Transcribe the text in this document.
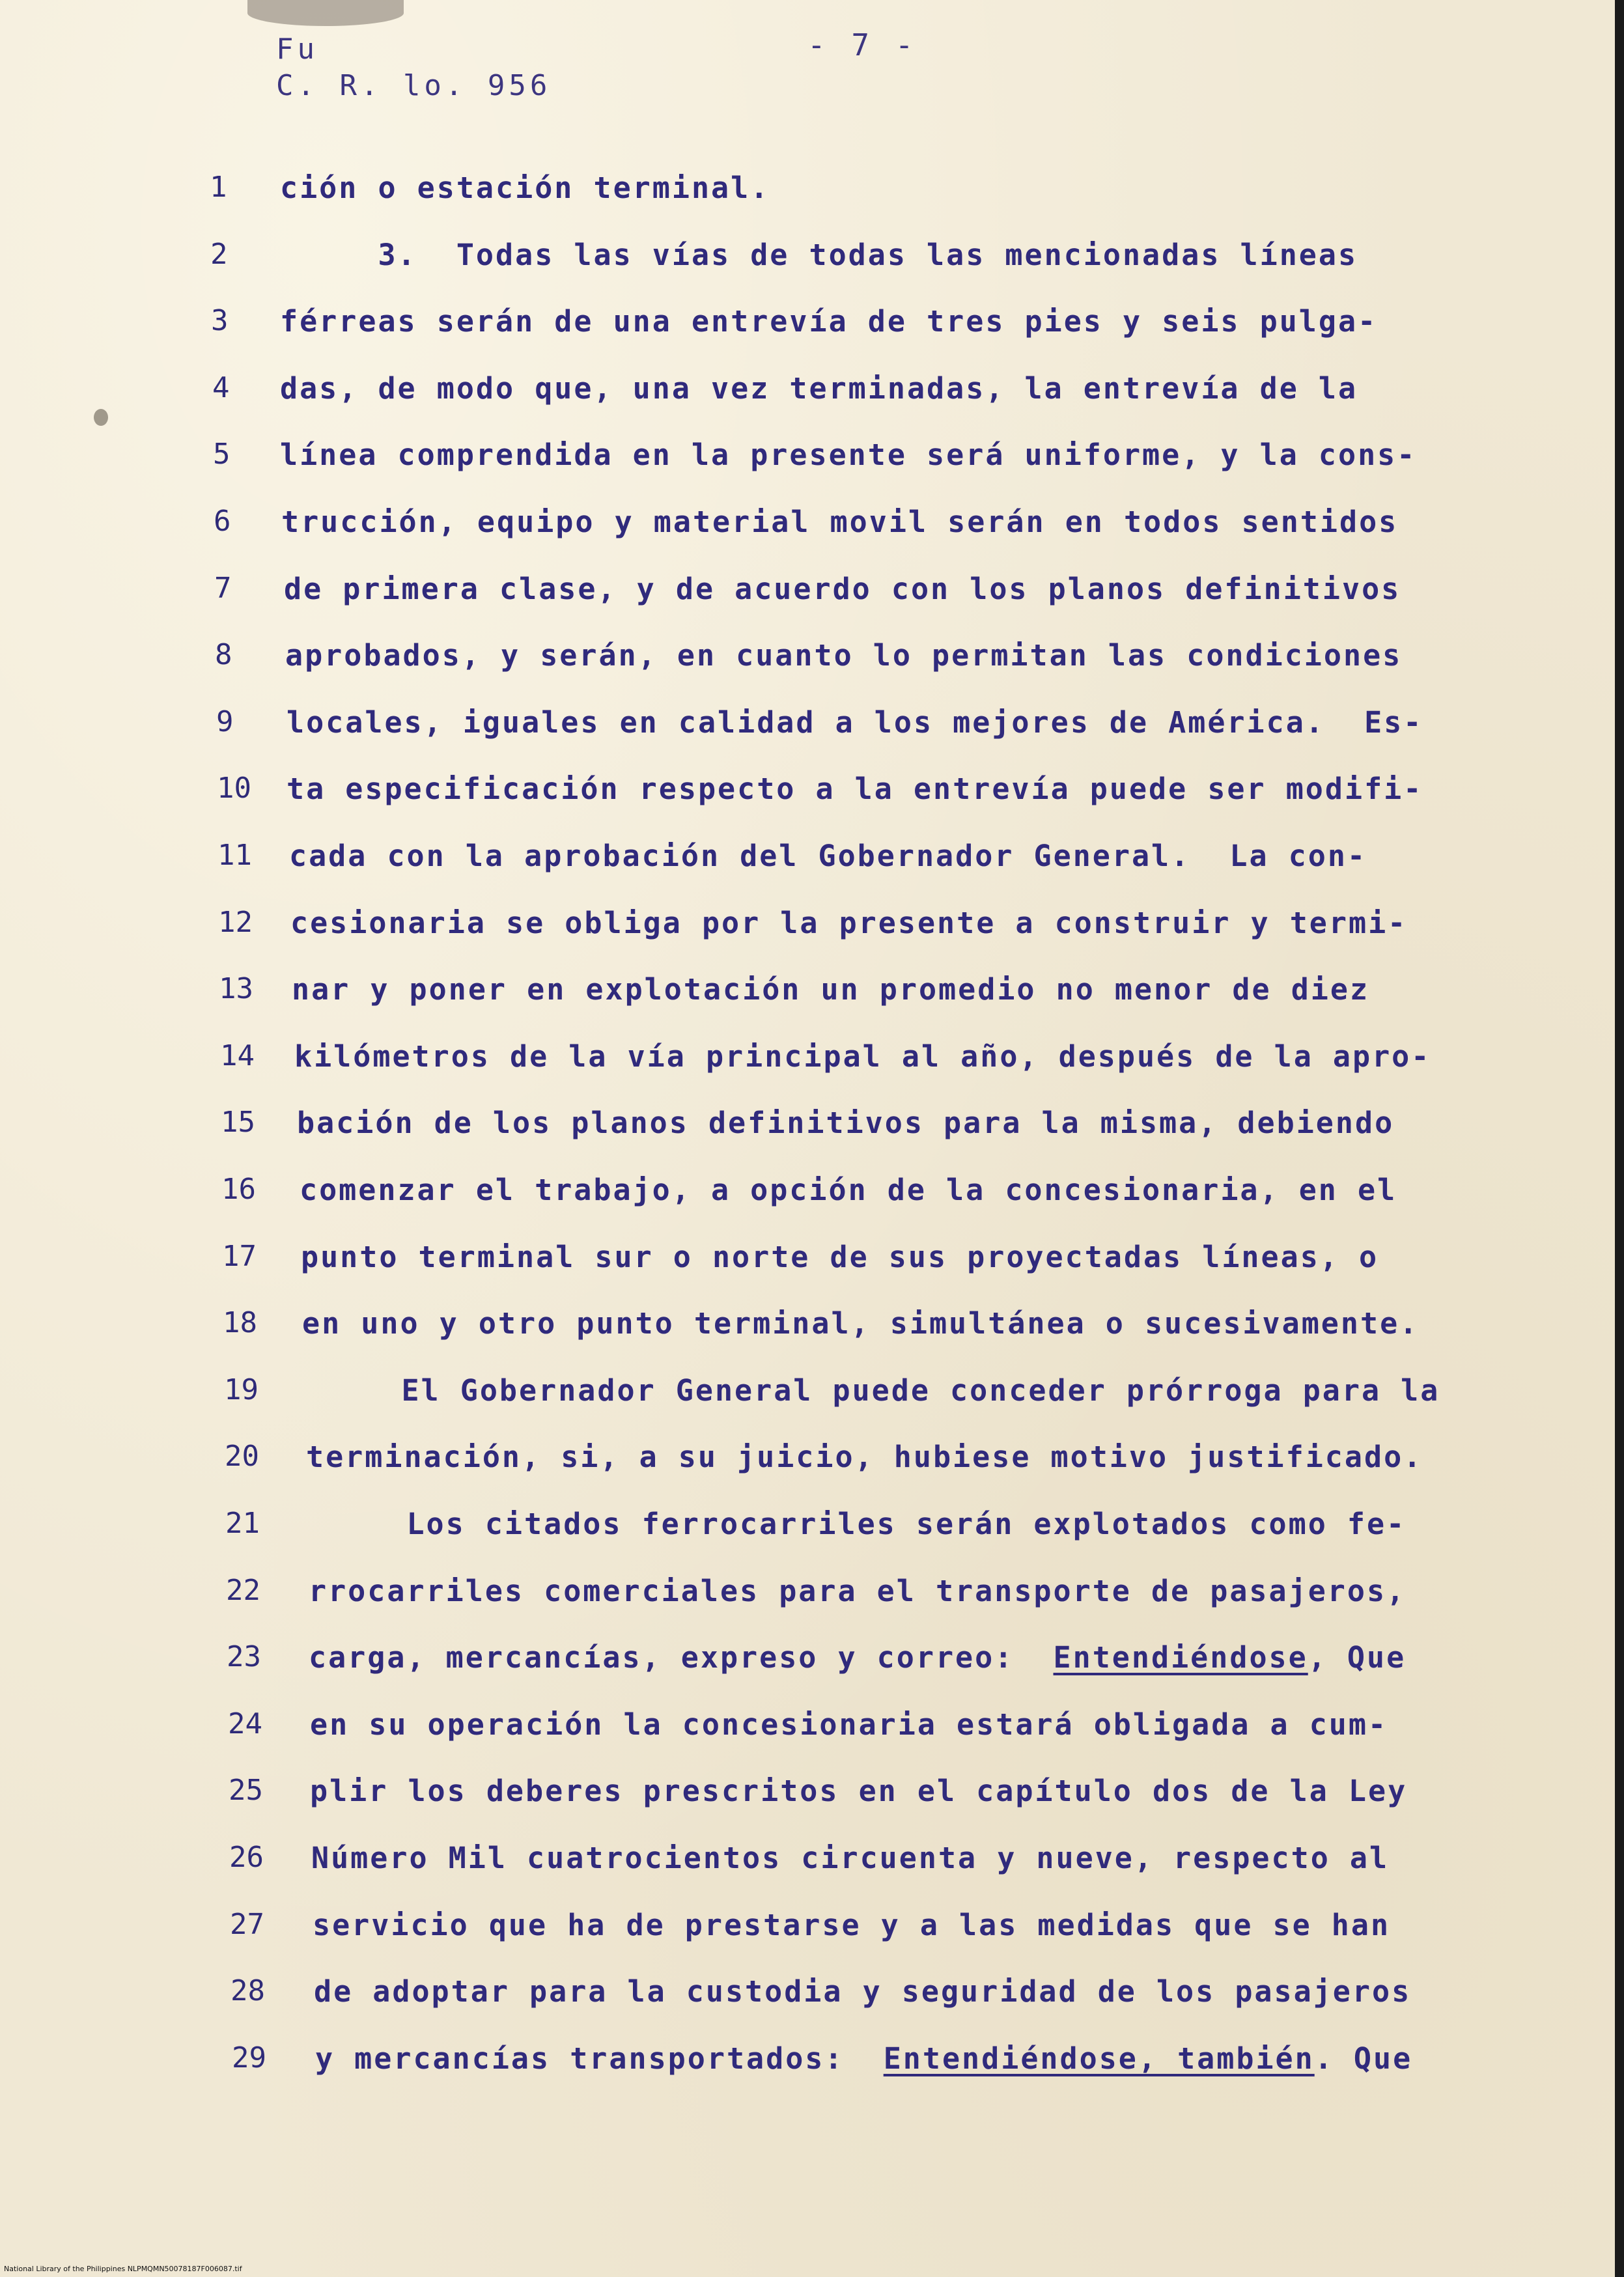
Fu
C. R. lo. 956
- 7 -
1	ción o estación terminal.
2	3.  Todas las vías de todas las mencionadas líneas
3	férreas serán de una entrevía de tres pies y seis pulga-
4	das, de modo que, una vez terminadas, la entrevía de la
5	línea comprendida en la presente será uniforme, y la cons-
6	trucción, equipo y material movil serán en todos sentidos
7	de primera clase, y de acuerdo con los planos definitivos
8	aprobados, y serán, en cuanto lo permitan las condiciones
9	locales, iguales en calidad a los mejores de América.  Es-
10	ta especificación respecto a la entrevía puede ser modifi-
11	cada con la aprobación del Gobernador General.  La con-
12	cesionaria se obliga por la presente a construir y termi-
13	nar y poner en explotación un promedio no menor de diez
14	kilómetros de la vía principal al año, después de la apro-
15	bación de los planos definitivos para la misma, debiendo
16	comenzar el trabajo, a opción de la concesionaria, en el
17	punto terminal sur o norte de sus proyectadas líneas, o
18	en uno y otro punto terminal, simultánea o sucesivamente.
19	El Gobernador General puede conceder prórroga para la
20	terminación, si, a su juicio, hubiese motivo justificado.
21	Los citados ferrocarriles serán explotados como fe-
22	rrocarriles comerciales para el transporte de pasajeros,
23	carga, mercancías, expreso y correo: Entendiéndose, Que
24	en su operación la concesionaria estará obligada a cum-
25	plir los deberes prescritos en el capítulo dos de la Ley
26	Número Mil cuatrocientos circuenta y nueve, respecto al
27	servicio que ha de prestarse y a las medidas que se han
28	de adoptar para la custodia y seguridad de los pasajeros
29	y mercancías transportados: Entendiéndose, también. Que
National Library of the Philippines NLPMQMN50078187F006087.tif
